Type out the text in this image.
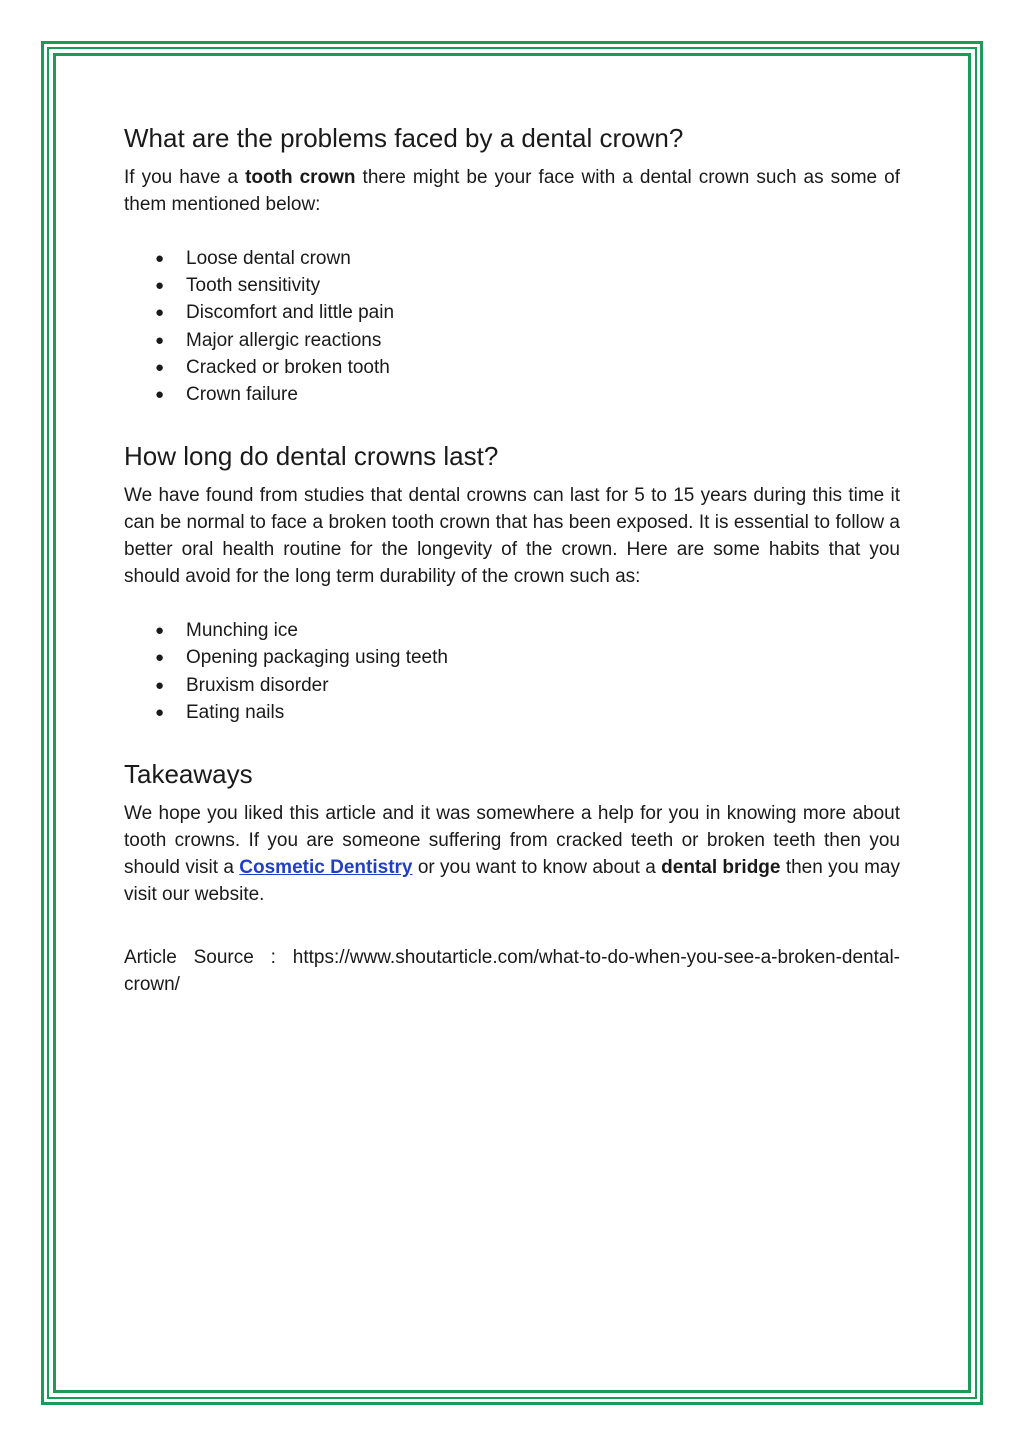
What are the problems faced by a dental crown?

If you have a tooth crown there might be your face with a dental crown such as some of them mentioned below:

● Loose dental crown
● Tooth sensitivity
● Discomfort and little pain
● Major allergic reactions
● Cracked or broken tooth
● Crown failure
How long do dental crowns last?

We have found from studies that dental crowns can last for 5 to 15 years during this time it can be normal to face a broken tooth crown that has been exposed. It is essential to follow a better oral health routine for the longevity of the crown. Here are some habits that you should avoid for the long term durability of the crown such as:

● Munching ice
● Opening packaging using teeth
● Bruxism disorder
● Eating nails
Takeaways

We hope you liked this article and it was somewhere a help for you in knowing more about tooth crowns. If you are someone suffering from cracked teeth or broken teeth then you should visit a Cosmetic Dentistry or you want to know about a dental bridge then you may visit our website.

Article Source : https://www.shoutarticle.com/what-to-do-when-you-see-a-broken-dental-crown/
